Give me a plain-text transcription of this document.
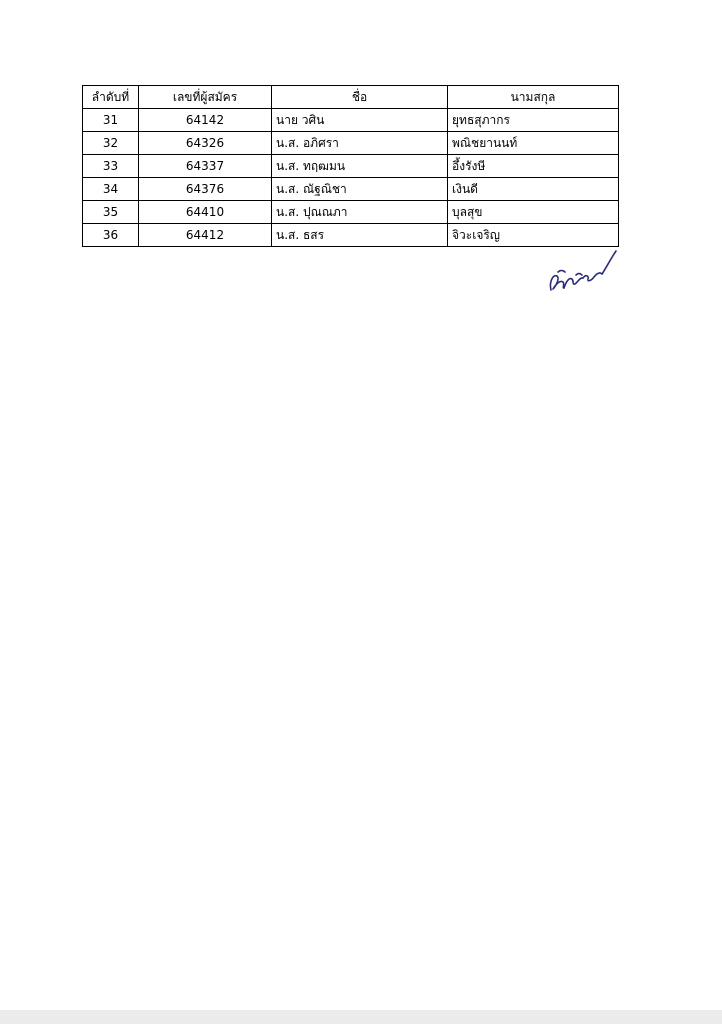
ลำดับที่	เลขที่ผู้สมัคร	ชื่อ	นามสกุล
31	64142	นาย วศิน	ยุทธสุภากร
32	64326	น.ส. อภิศรา	พณิชยานนท์
33	64337	น.ส. ทฤฒมน	อึ้งรังษี
34	64376	น.ส. ณัฐณิชา	เงินดี
35	64410	น.ส. ปุณณภา	บุลสุข
36	64412	น.ส. ธสร	จิวะเจริญ
